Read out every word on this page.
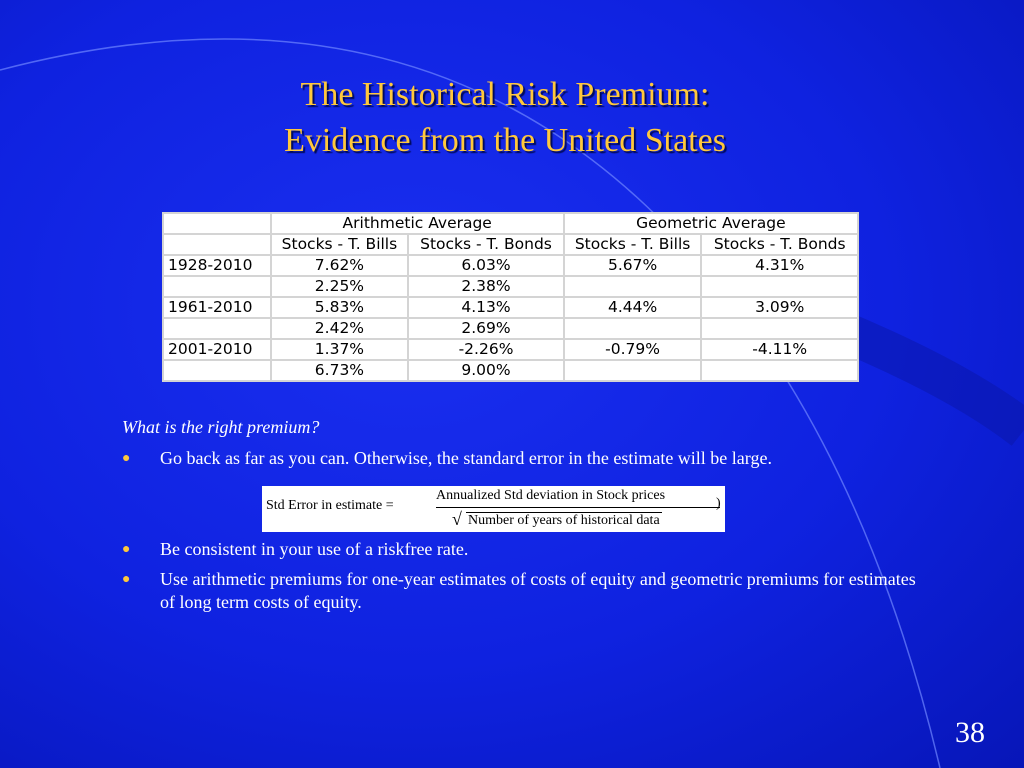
The Historical Risk Premium:
Evidence from the United States
	Arithmetic Average		Geometric Average	
	Stocks - T. Bills	Stocks - T. Bonds	Stocks - T. Bills	Stocks - T. Bonds
1928-2010	7.62%	6.03%	5.67%	4.31%
	2.25%	2.38%		
1961-2010	5.83%	4.13%	4.44%	3.09%
	2.42%	2.69%		
2001-2010	1.37%	-2.26%	-0.79%	-4.11%
	6.73%	9.00%		
What is the right premium?
● Go back as far as you can. Otherwise, the standard error in the estimate will be large.
Std Error in estimate =
Annualized Std deviation in Stock prices
√ Number of years of historical data
)
● Be consistent in your use of a riskfree rate.
● Use arithmetic premiums for one-year estimates of costs of equity and geometric premiums for estimates of long term costs of equity.
38
